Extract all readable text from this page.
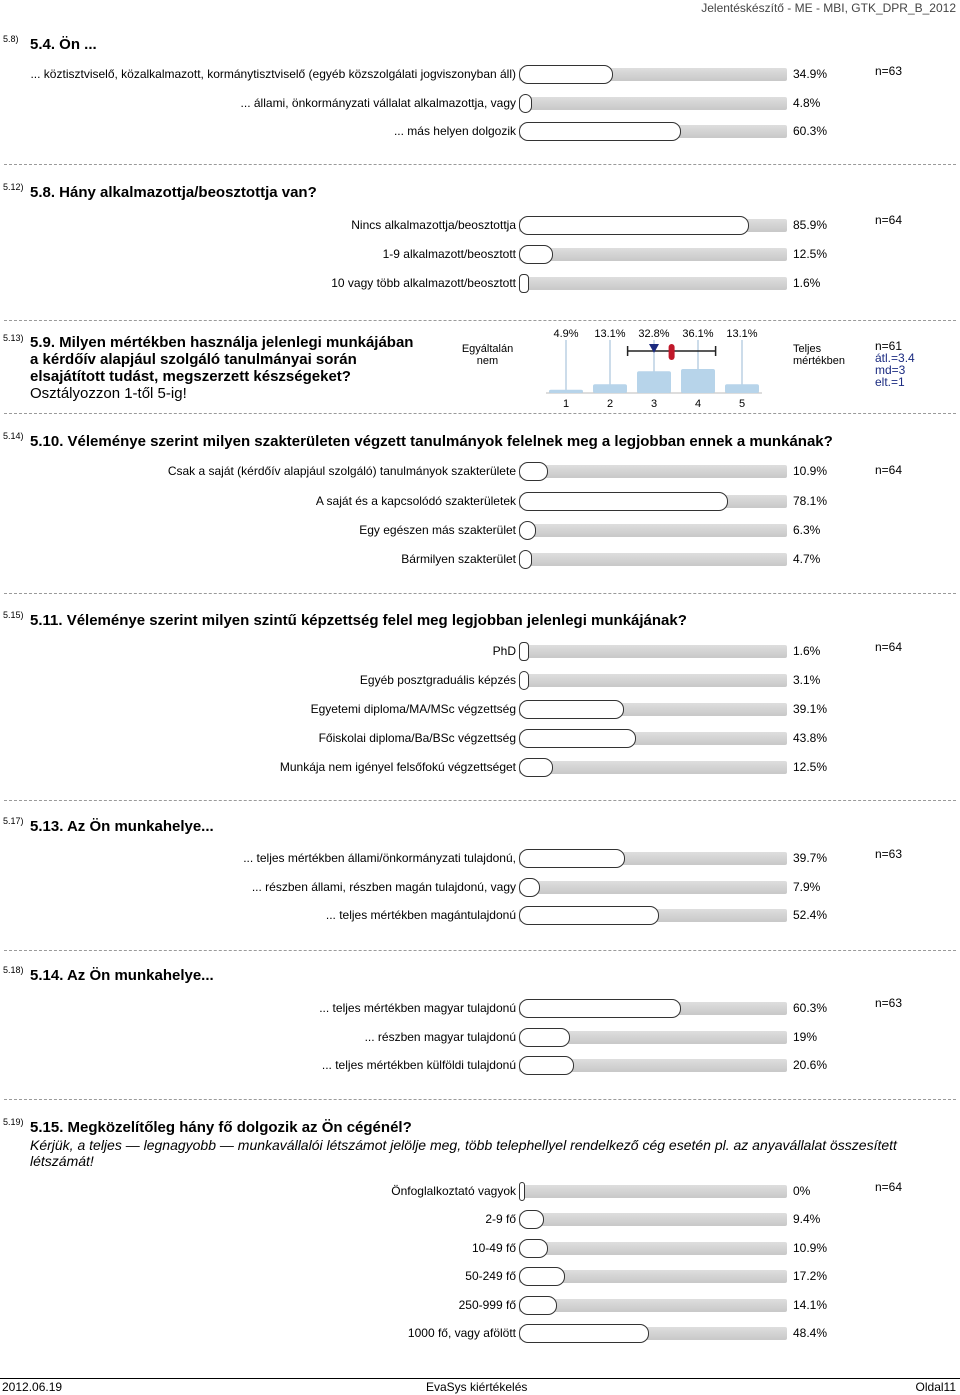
Jelentéskészítő - ME - MBI, GTK_DPR_B_2012
5.8) 5.4. Ön ...
n=63
... köztisztviselő, közalkalmazott, kormánytisztviselő (egyéb közszolgálati jogviszonyban áll)	34.9%
... állami, önkormányzati vállalat alkalmazottja, vagy	4.8%
... más helyen dolgozik	60.3%
5.12) 5.8. Hány alkalmazottja/beosztottja van?
n=64
Nincs alkalmazottja/beosztottja	85.9%
1-9 alkalmazott/beosztott	12.5%
10 vagy több alkalmazott/beosztott	1.6%
5.14) 5.10. Véleménye szerint milyen szakterületen végzett tanulmányok felelnek meg a legjobban ennek a munkának?
n=64
Csak a saját (kérdőív alapjául szolgáló) tanulmányok szakterülete	10.9%
A saját és a kapcsolódó szakterületek	78.1%
Egy egészen más szakterület	6.3%
Bármilyen szakterület	4.7%
5.15) 5.11. Véleménye szerint milyen szintű képzettség felel meg legjobban jelenlegi munkájának?
n=64
PhD	1.6%
Egyéb posztgraduális képzés	3.1%
Egyetemi diploma/MA/MSc végzettség	39.1%
Főiskolai diploma/Ba/BSc végzettség	43.8%
Munkája nem igényel felsőfokú végzettséget	12.5%
5.17) 5.13. Az Ön munkahelye...
n=63
... teljes mértékben állami/önkormányzati tulajdonú,	39.7%
... részben állami, részben magán tulajdonú, vagy	7.9%
... teljes mértékben magántulajdonú	52.4%
5.18) 5.14. Az Ön munkahelye...
n=63
... teljes mértékben magyar tulajdonú	60.3%
... részben magyar tulajdonú	19%
... teljes mértékben külföldi tulajdonú	20.6%
5.19) 5.15. Megközelítőleg hány fő dolgozik az Ön cégénél?
Kérjük, a teljes — legnagyobb — munkavállalói létszámot jelölje meg, több telephellyel rendelkező cég esetén pl. az anyavállalat összesített létszámát!
n=64
Önfoglalkoztató vagyok	0%
2-9 fő	9.4%
10-49 fő	10.9%
50-249 fő	17.2%
250-999 fő	14.1%
1000 fő, vagy afölött	48.4%
5.13) 5.9. Milyen mértékben használja jelenlegi munkájában a kérdőív alapjául szolgáló tanulmányai során elsajátított tudást, megszerzett készségeket? Osztályozzon 1-től 5-ig!
Egyáltalán nem
4.9% 13.1% 32.8% 36.1% 13.1%
1	2	3	4	5
Teljes mértékben
n=61
átl.=3.4
md=3
elt.=1
2012.06.19	EvaSys kiértékelés	Oldal11
